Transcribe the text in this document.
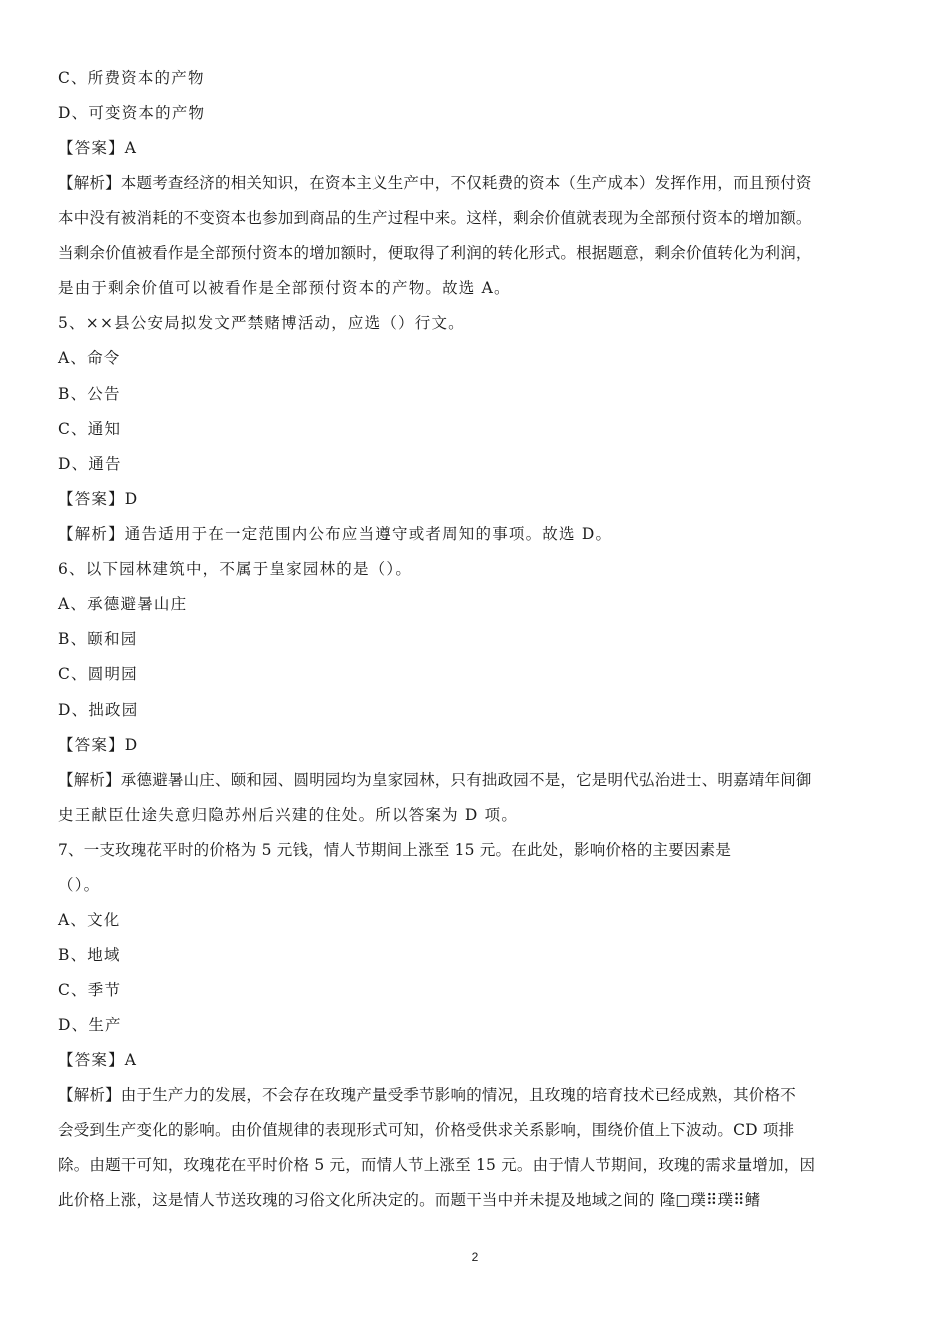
C、所费资本的产物
D、可变资本的产物
【答案】A
【解析】本题考查经济的相关知识，在资本主义生产中，不仅耗费的资本（生产成本）发挥作用，而且预付资
本中没有被消耗的不变资本也参加到商品的生产过程中来。这样，剩余价值就表现为全部预付资本的增加额。
当剩余价值被看作是全部预付资本的增加额时，便取得了利润的转化形式。根据题意，剩余价值转化为利润，
是由于剩余价值可以被看作是全部预付资本的产物。故选 A。
5、××县公安局拟发文严禁赌博活动，应选（）行文。
A、命令
B、公告
C、通知
D、通告
【答案】D
【解析】通告适用于在一定范围内公布应当遵守或者周知的事项。故选 D。
6、以下园林建筑中，不属于皇家园林的是（）。
A、承德避暑山庄
B、颐和园
C、圆明园
D、拙政园
【答案】D
【解析】承德避暑山庄、颐和园、圆明园均为皇家园林，只有拙政园不是，它是明代弘治进士、明嘉靖年间御
史王献臣仕途失意归隐苏州后兴建的住处。所以答案为 D 项。
7、一支玫瑰花平时的价格为 5 元钱，情人节期间上涨至 15 元。在此处，影响价格的主要因素是
（）。
A、文化
B、地域
C、季节
D、生产
【答案】A
【解析】由于生产力的发展，不会存在玫瑰产量受季节影响的情况，且玫瑰的培育技术已经成熟，其价格不
会受到生产变化的影响。由价值规律的表现形式可知，价格受供求关系影响，围绕价值上下波动。CD 项排
除。由题干可知，玫瑰花在平时价格 5 元，而情人节上涨至 15 元。由于情人节期间，玫瑰的需求量增加，因
此价格上涨，这是情人节送玫瑰的习俗文化所决定的。而题干当中并未提及地域之间的 隆□璞⠿璞⠿鳍
2
